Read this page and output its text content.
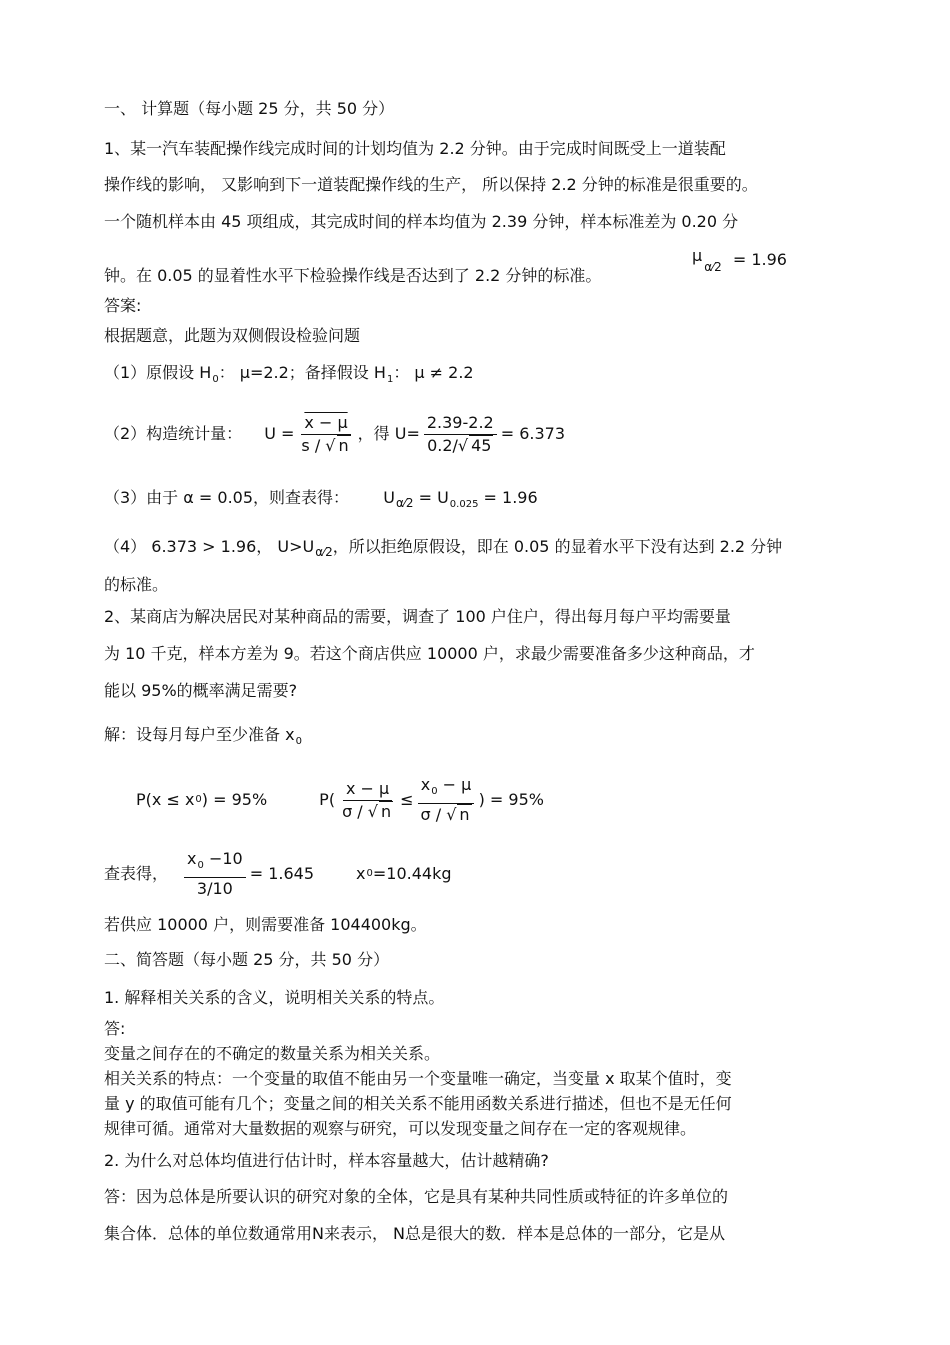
一、 计算题（每小题 25 分，共 50 分）
1、某一汽车装配操作线完成时间的计划均值为 2.2 分钟。由于完成时间既受上一道装配
操作线的影响， 又影响到下一道装配操作线的生产， 所以保持 2.2 分钟的标准是很重要的。
一个随机样本由 45 项组成，其完成时间的样本均值为 2.39 分钟，样本标准差为 0.20 分
钟。在 0.05 的显着性水平下检验操作线是否达到了 2.2 分钟的标准。
$\mu_{\alpha⁄2} = 1.96$
答案:
根据题意，此题为双侧假设检验问题
（1）原假设 $H_0$： μ=2.2；备择假设 $H_1$： μ ≠ 2.2
（2）构造统计量： $U = \frac{x - \mu}{s / √ n}$ ，得 $U= \frac{2.39-2.2}{0.2/√ 45} = 6.373$
（3）由于 α = 0.05，则查表得： $U_{\alpha⁄2} = U_{0.025} = 1.96$
（4） 6.373 > 1.96， $U>U_{\alpha⁄2}$，所以拒绝原假设，即在 0.05 的显着水平下没有达到 2.2 分钟
的标准。
2、某商店为解决居民对某种商品的需要，调查了 100 户住户，得出每月每户平均需要量
为 10 千克，样本方差为 9。若这个商店供应 10000 户，求最少需要准备多少这种商品，才
能以 95%的概率满足需要?
解：设每月每户至少准备 $x_0$
P(x ≤ x 0 ) = 95%	$P( \frac{x - \mu}{\sigma / √ n} \le \frac{x_0 - \mu}{\sigma / √ n}$ ) = 95%
查表得， $\frac{x_0 -10}{3/10} = 1.645$	x 0 =10.44kg
若供应 10000 户，则需要准备 104400kg。
二、简答题（每小题 25 分，共 50 分）
1. 解释相关关系的含义，说明相关关系的特点。
答:
变量之间存在的不确定的数量关系为相关关系。
相关关系的特点：一个变量的取值不能由另一个变量唯一确定，当变量 x 取某个值时，变
量 y 的取值可能有几个；变量之间的相关关系不能用函数关系进行描述，但也不是无任何
规律可循。通常对大量数据的观察与研究，可以发现变量之间存在一定的客观规律。
2. 为什么对总体均值进行估计时，样本容量越大，估计越精确?
答：因为总体是所要认识的研究对象的全体，它是具有某种共同性质或特征的许多单位的
集合体．总体的单位数通常用N来表示， N总是很大的数．样本是总体的一部分，它是从
